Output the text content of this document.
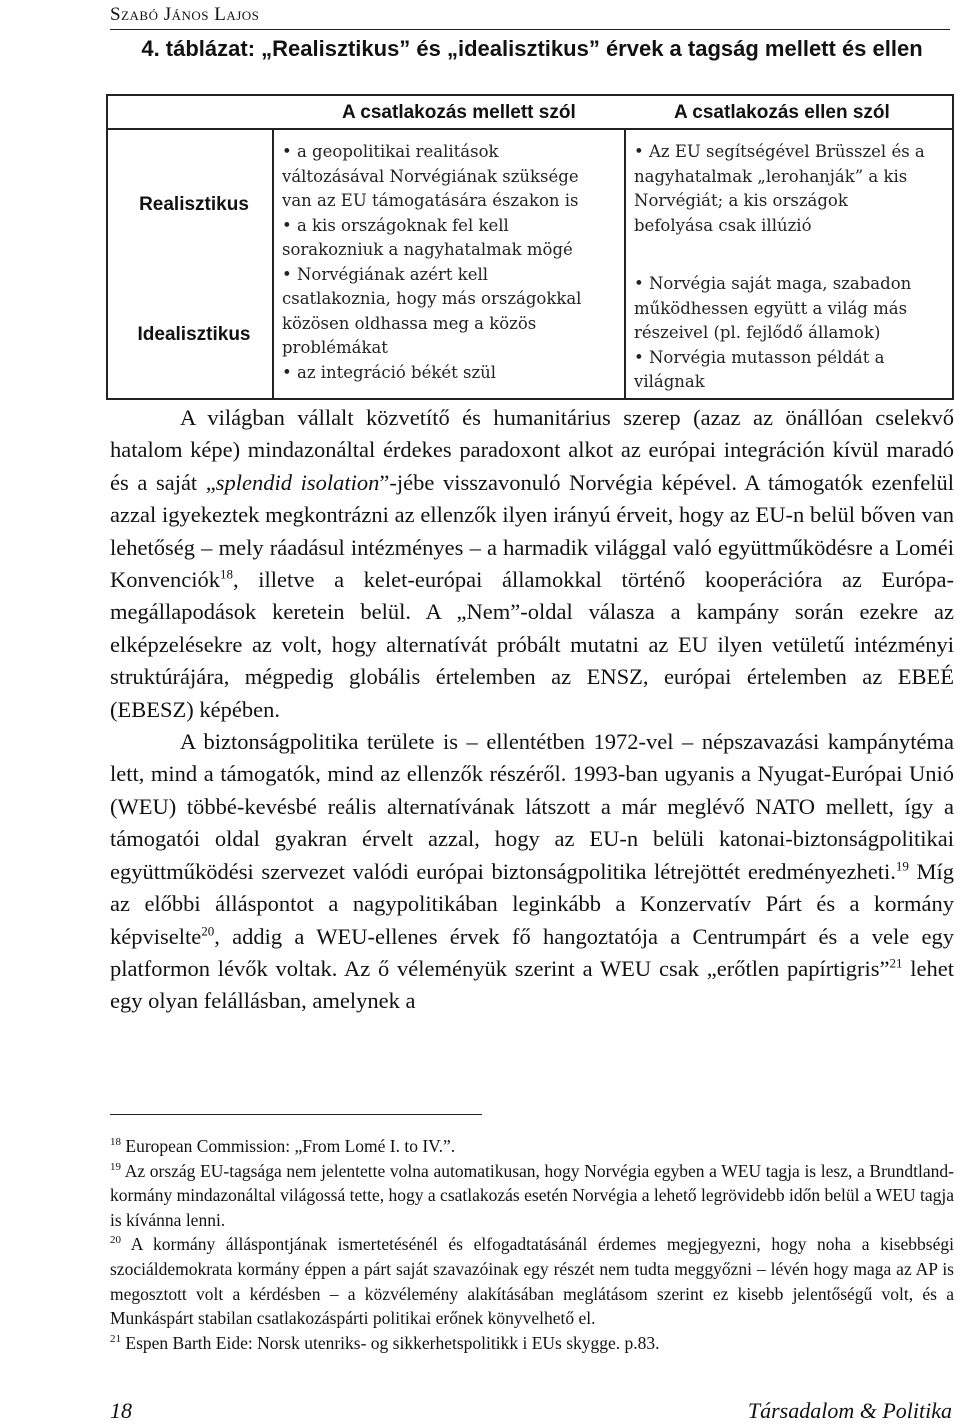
Szabó János Lajos
4. táblázat: „Realisztikus” és „idealisztikus” érvek a tagság mellett és ellen
A csatlakozás mellett szól	A csatlakozás ellen szól
Realisztikus
Idealisztikus
• a geopolitikai realitások
változásával Norvégiának szüksége
van az EU támogatására északon is
• a kis országoknak fel kell
sorakozniuk a nagyhatalmak mögé
• Norvégiának azért kell
csatlakoznia, hogy más országokkal
közösen oldhassa meg a közös
problémákat
• az integráció békét szül
• Az EU segítségével Brüsszel és a
nagyhatalmak „lerohanják” a kis
Norvégiát; a kis országok
befolyása csak illúzió
• Norvégia saját maga, szabadon
működhessen együtt a világ más
részeivel (pl. fejlődő államok)
• Norvégia mutasson példát a
világnak

A világban vállalt közvetítő és humanitárius szerep (azaz az önállóan cselekvő hatalom képe) mindazonáltal érdekes paradoxont alkot az európai integráción kívül maradó és a saját „splendid isolation”-jébe visszavonuló Norvégia képével. A támogatók ezenfelül azzal igyekeztek megkontrázni az ellenzők ilyen irányú érveit, hogy az EU-n belül bőven van lehetőség – mely ráadásul intézményes – a harmadik világgal való együttműködésre a Loméi Konvenciók$^{18}$, illetve a kelet-európai államokkal történő kooperációra az Európa-megállapodások keretein belül. A „Nem”-oldal válasza a kampány során ezekre az elképzelésekre az volt, hogy alternatívát próbált mutatni az EU ilyen vetületű intézményi struktúrájára, mégpedig globális értelemben az ENSZ, európai értelemben az EBEÉ (EBESZ) képében.

A biztonságpolitika területe is – ellentétben 1972-vel – népszavazási kampánytéma lett, mind a támogatók, mind az ellenzők részéről. 1993-ban ugyanis a Nyugat-Európai Unió (WEU) többé-kevésbé reális alternatívának látszott a már meglévő NATO mellett, így a támogatói oldal gyakran érvelt azzal, hogy az EU-n belüli katonai-biztonságpolitikai együttműködési szervezet valódi európai biztonságpolitika létrejöttét eredményezheti.$^{19}$ Míg az előbbi álláspontot a nagypolitikában leginkább a Konzervatív Párt és a kormány képviselte$^{20}$, addig a WEU-ellenes érvek fő hangoztatója a Centrumpárt és a vele egy platformon lévők voltak. Az ő véleményük szerint a WEU csak „erőtlen papírtigris”$^{21}$ lehet egy olyan felállásban, amelynek a

$^{18}$ European Commission: „From Lomé I. to IV.”.

$^{19}$ Az ország EU-tagsága nem jelentette volna automatikusan, hogy Norvégia egyben a WEU tagja is lesz, a Brundtland-kormány mindazonáltal világossá tette, hogy a csatlakozás esetén Norvégia a lehető legrövidebb időn belül a WEU tagja is kívánna lenni.

$^{20}$ A kormány álláspontjának ismertetésénél és elfogadtatásánál érdemes megjegyezni, hogy noha a kisebbségi szociáldemokrata kormány éppen a párt saját szavazóinak egy részét nem tudta meggyőzni – lévén hogy maga az AP is megosztott volt a kérdésben – a közvélemény alakításában meglátásom szerint ez kisebb jelentőségű volt, és a Munkáspárt stabilan csatlakozáspárti politikai erőnek könyvelhető el.

$^{21}$ Espen Barth Eide: Norsk utenriks- og sikkerhetspolitikk i EUs skygge. p.83.

18	Társadalom & Politika
